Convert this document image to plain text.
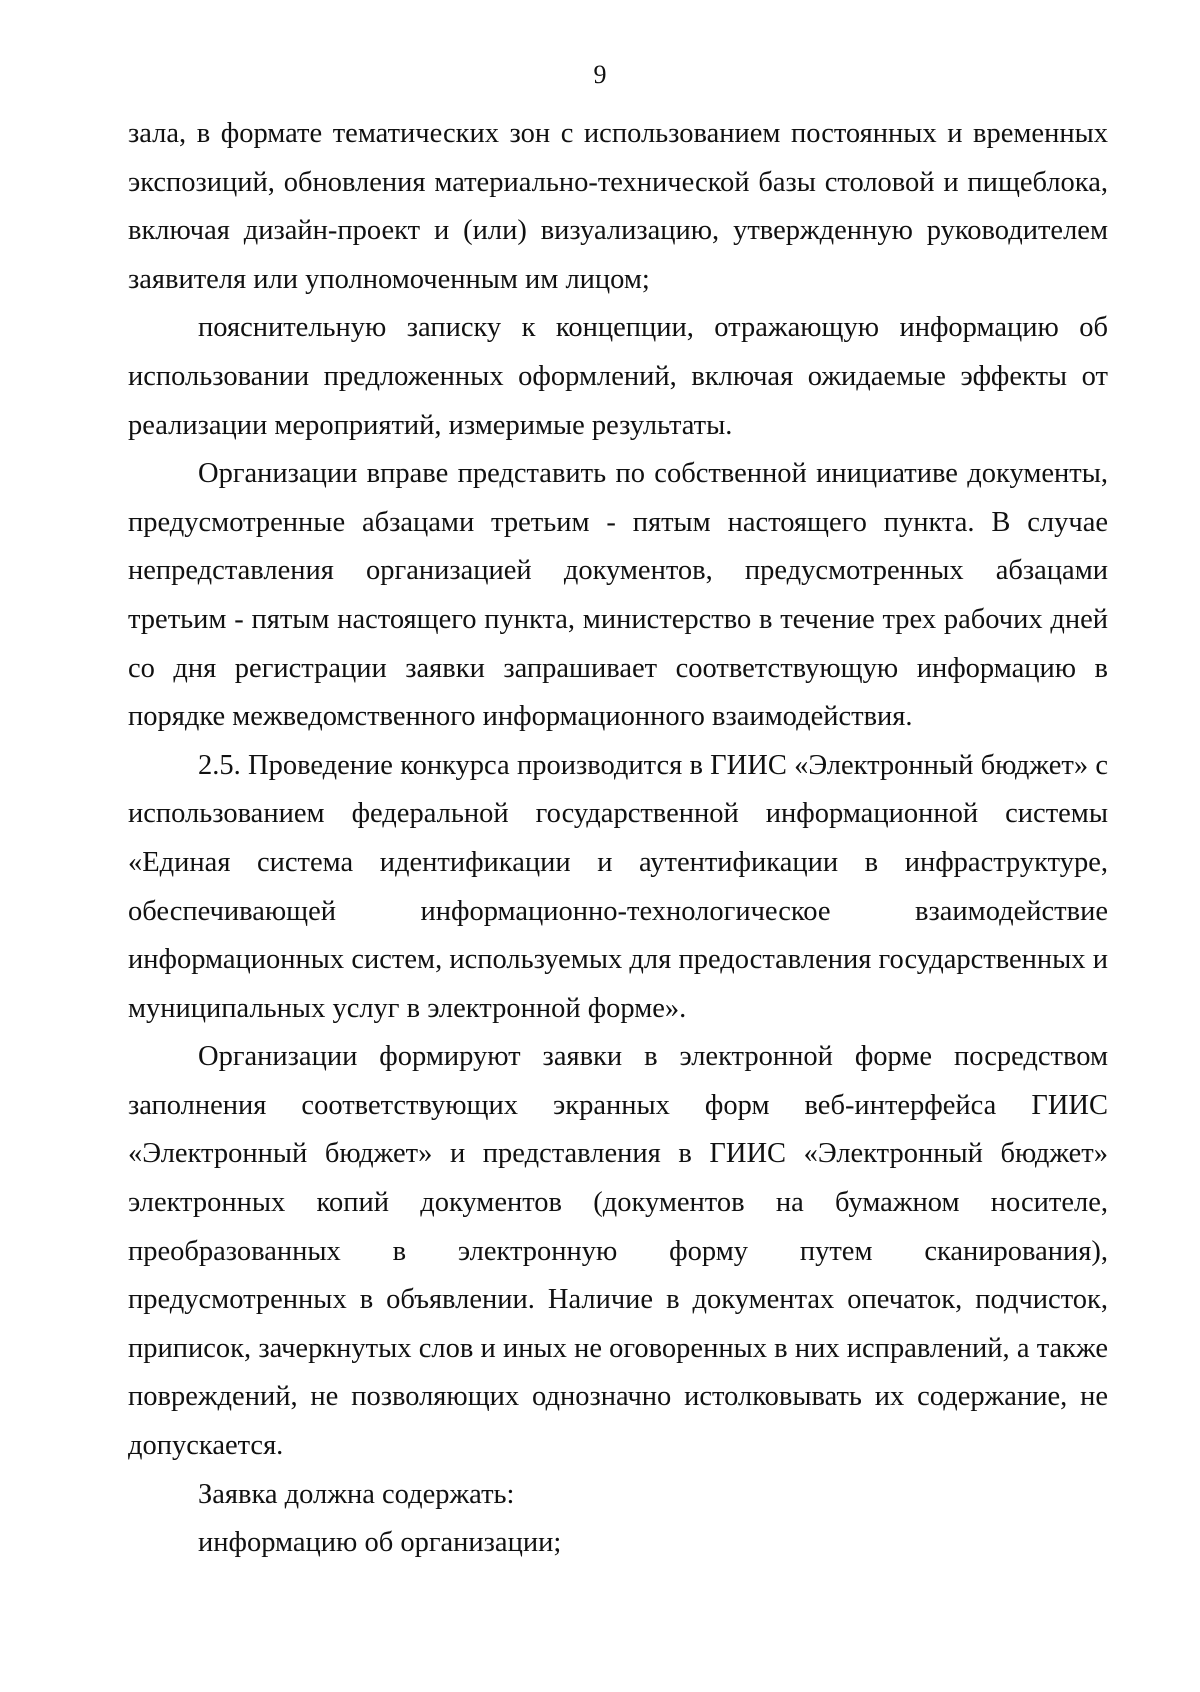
9

зала, в формате тематических зон с использованием постоянных и временных экспозиций, обновления материально-технической базы столовой и пищеблока, включая дизайн-проект и (или) визуализацию, утвержденную руководителем заявителя или уполномоченным им лицом;

пояснительную записку к концепции, отражающую информацию об использовании предложенных оформлений, включая ожидаемые эффекты от реализации мероприятий, измеримые результаты.

Организации вправе представить по собственной инициативе документы, предусмотренные абзацами третьим - пятым настоящего пункта. В случае непредставления организацией документов, предусмотренных абзацами третьим - пятым настоящего пункта, министерство в течение трех рабочих дней со дня регистрации заявки запрашивает соответствующую информацию в порядке межведомственного информационного взаимодействия.

2.5. Проведение конкурса производится в ГИИС «Электронный бюджет» с использованием федеральной государственной информационной системы «Единая система идентификации и аутентификации в инфраструктуре, обеспечивающей информационно-технологическое взаимодействие информационных систем, используемых для предоставления государственных и муниципальных услуг в электронной форме».

Организации формируют заявки в электронной форме посредством заполнения соответствующих экранных форм веб-интерфейса ГИИС «Электронный бюджет» и представления в ГИИС «Электронный бюджет» электронных копий документов (документов на бумажном носителе, преобразованных в электронную форму путем сканирования), предусмотренных в объявлении. Наличие в документах опечаток, подчисток, приписок, зачеркнутых слов и иных не оговоренных в них исправлений, а также повреждений, не позволяющих однозначно истолковывать их содержание, не допускается.

Заявка должна содержать:

информацию об организации;
